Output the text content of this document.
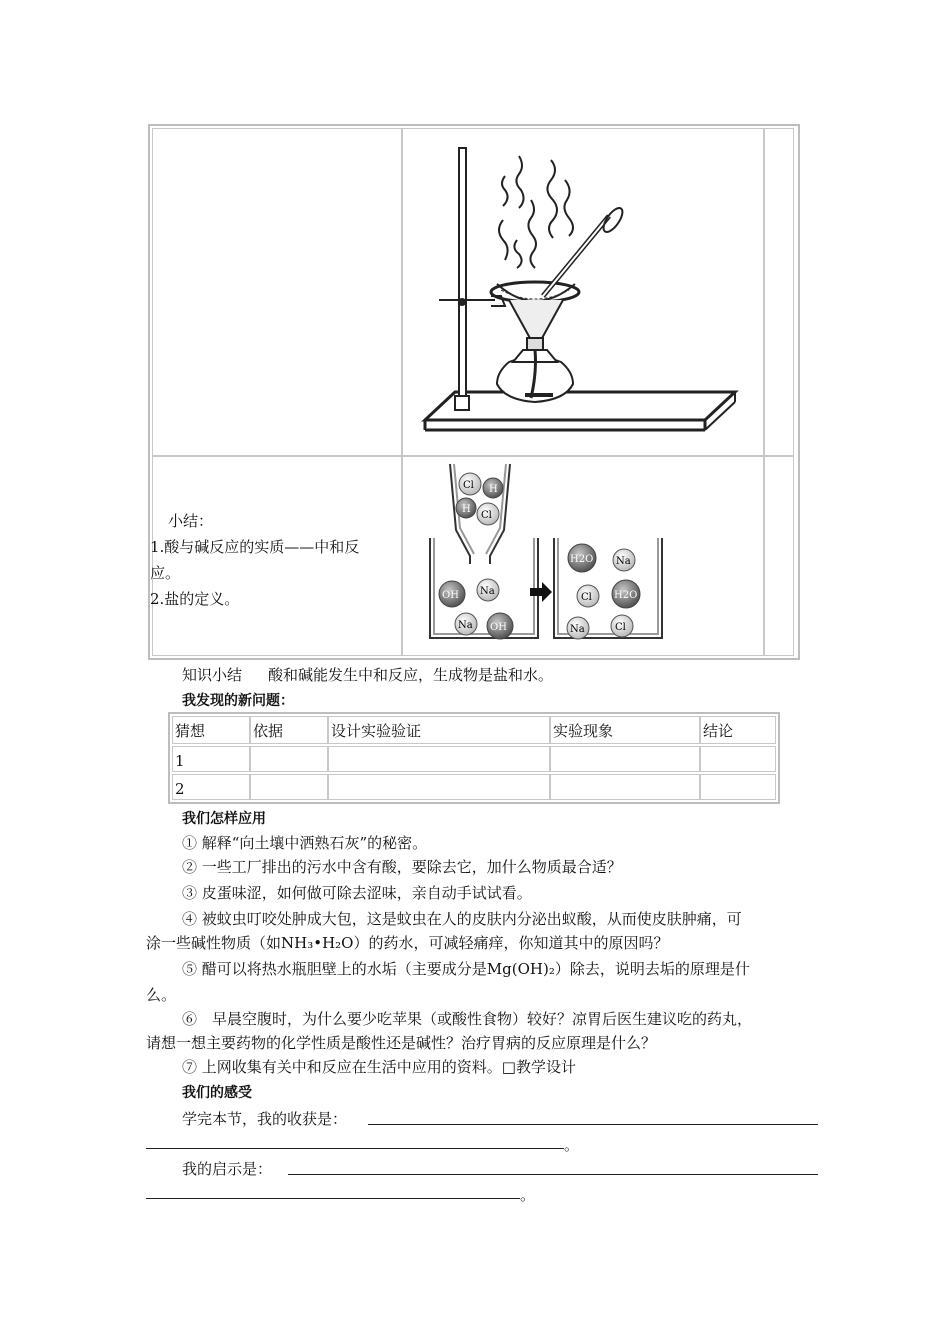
Cl H
H
Cl
OH Na
Na OH
H2O Na
Cl H2O
Na	Cl
小结：
1.酸与碱反应的实质——中和反
应。
2.盐的定义。
知识小结 酸和碱能发生中和反应，生成物是盐和水。
我发现的新问题：
猜想	依据	设计实验验证	实验现象	结论
1
2
我们怎样应用
① 解释“向土壤中洒熟石灰”的秘密。
② 一些工厂排出的污水中含有酸，要除去它，加什么物质最合适？
③ 皮蛋味涩，如何做可除去涩味，亲自动手试试看。
④ 被蚊虫叮咬处肿成大包，这是蚊虫在人的皮肤内分泌出蚁酸，从而使皮肤肿痛，可
涂一些碱性物质（如NH₃•H₂O）的药水，可减轻痛痒，你知道其中的原因吗？
⑤ 醋可以将热水瓶胆壁上的水垢（主要成分是Mg(OH)₂）除去，说明去垢的原理是什
么。
⑥　早晨空腹时，为什么要少吃苹果（或酸性食物）较好？凉胃后医生建议吃的药丸，
请想一想主要药物的化学性质是酸性还是碱性？治疗胃病的反应原理是什么？
⑦ 上网收集有关中和反应在生活中应用的资料。□教学设计
我们的感受
学完本节，我的收获是：
。
我的启示是：
。
